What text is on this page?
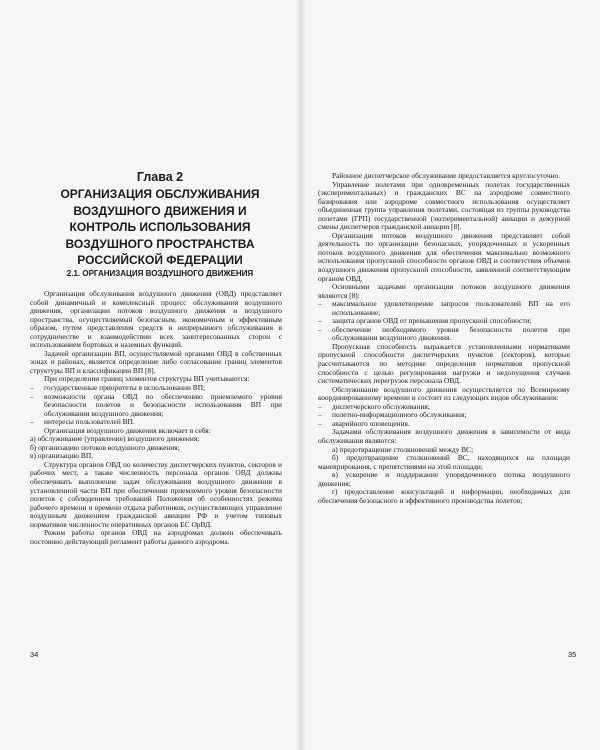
Глава 2
ОРГАНИЗАЦИЯ ОБСЛУЖИВАНИЯ ВОЗДУШНОГО ДВИЖЕНИЯ И КОНТРОЛЬ ИСПОЛЬЗОВАНИЯ ВОЗДУШНОГО ПРОСТРАНСТВА РОССИЙСКОЙ ФЕДЕРАЦИИ
2.1. ОРГАНИЗАЦИЯ ВОЗДУШНОГО ДВИЖЕНИЯ

Организация обслуживания воздушного движения (ОВД) представляет собой динамичный и комплексный процесс обслуживания воздушного движения, организации потоков воздушного движения и воздушного пространства, осуществляемый безопасным, экономичным и эффективным образом, путем представления средств и непрерывного обслуживания в сотрудничестве и взаимодействии всех заинтересованных сторон с использованием бортовых и наземных функций.

Задачей организации ВП, осуществляемой органами ОВД в собственных зонах и районах, является определение либо согласование границ элементов структуры ВП и классификации ВП [8].

При определении границ элементов структуры ВП учитываются:

–	государственные приоритеты в использовании ВП;
–	возможности органа ОВД по обеспечению приемлемого уровня безопасности полетов и безопасности использования ВП при обслуживании воздушного движения;
–	интересы пользователей ВП.

Организация воздушного движения включает в себя:

а) обслуживание (управление) воздушного движения;

б) организацию потоков воздушного движения;

в) организацию ВП.

Структура органов ОВД по количеству диспетчерских пунктов, секторов и рабочих мест, а также численность персонала органов ОВД должны обеспечивать выполнение задач обслуживания воздушного движения в установленной части ВП при обеспечении приемлемого уровня безопасности полетов с соблюдением требований Положения об особенностях режима рабочего времени и времени отдыха работников, осуществляющих управление воздушным движением гражданской авиации РФ и учетом типовых нормативов численности оперативных органов ЕС ОрВД.

Режим работы органов ОВД на аэродромах должен обеспечивать постоянно действующий регламент работы данного аэродрома.

34

Районное диспетчерское обслуживание предоставляется круглосуточно.

Управление полетами при одновременных полетах государственных (экспериментальных) и гражданских ВС на аэродроме совместного базирования или аэродроме совместного использования осуществляет объединенная группа управления полетами, состоящая из группы руководства полетами (ГРП) государственной (экспериментальной) авиации и дежурной смены диспетчеров гражданской авиации [8].

Организация потоков воздушного движения представляет собой деятельность по организации безопасных, упорядоченных и ускоренных потоков воздушного движения для обеспечения максимально возможного использования пропускной способности органов ОВД и соответствия объемов воздушного движения пропускной способности, заявленной соответствующим органом ОВД.

Основными задачами организации потоков воздушного движения являются [8]:

–	максимальное удовлетворение запросов пользователей ВП на его использование;
–	защита органов ОВД от превышения пропускной способности;
–	обеспечение необходимого уровня безопасности полетов при обслуживании воздушного движения.

Пропускная способность выражается установленными нормативами пропускной способности диспетчерских пунктов (секторов), которые рассчитываются по методике определения нормативов пропускной способности с целью регулирования нагрузки и недопущения случаев систематических перегрузок персонала ОВД.

Обслуживание воздушного движения осуществляется по Всемирному координированному времени и состоит из следующих видов обслуживания:

–	диспетчерского обслуживания;
–	полетно-информационного обслуживания;
–	аварийного оповещения.

Задачами обслуживания воздушного движения в зависимости от вида обслуживания являются:

а) предотвращение столкновений между ВС;

б) предотвращение столкновений ВС, находящихся на площади маневрирования, с препятствиями на этой площади;

в) ускорение и поддержание упорядоченного потока воздушного движения;

г) предоставление консультаций и информации, необходимых для обеспечения безопасного и эффективного производства полетов;

35
